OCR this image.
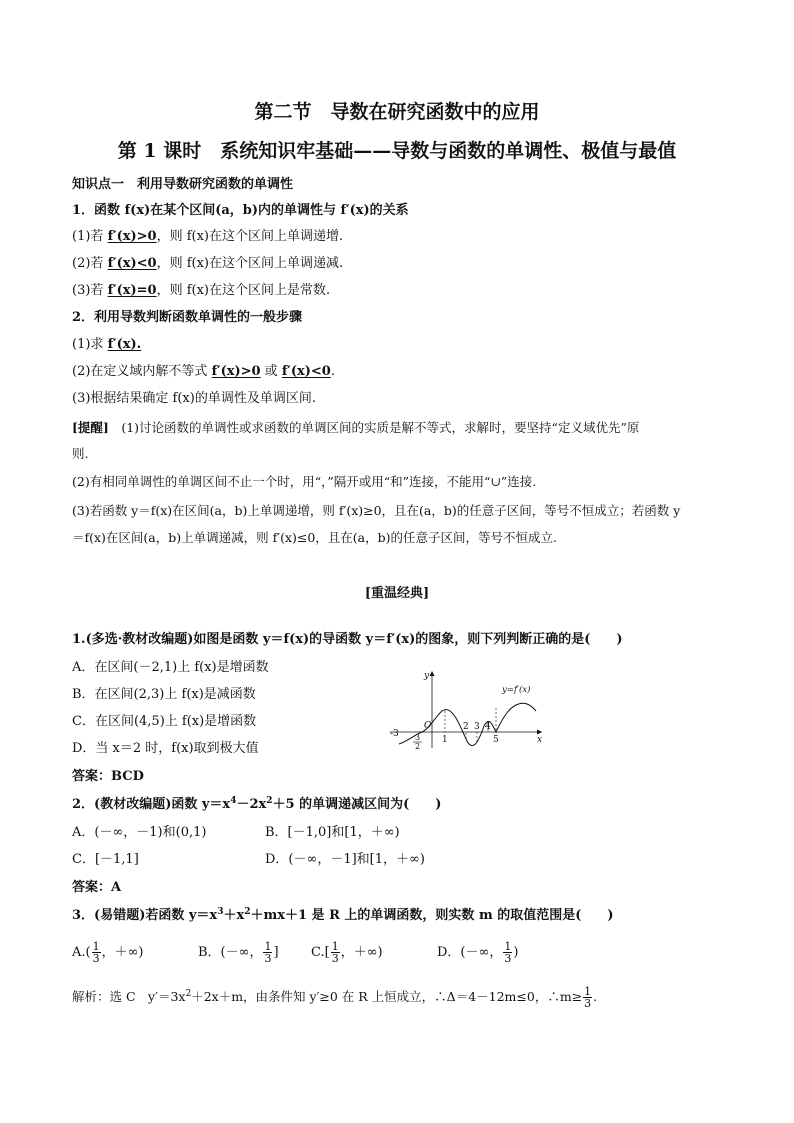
第二节　导数在研究函数中的应用
第 1 课时　系统知识牢基础——导数与函数的单调性、极值与最值
知识点一　利用导数研究函数的单调性
1．函数 f(x)在某个区间(a，b)内的单调性与 f′(x)的关系
(1)若 f′(x)>0，则 f(x)在这个区间上单调递增.
(2)若 f′(x)<0，则 f(x)在这个区间上单调递减.
(3)若 f′(x)=0，则 f(x)在这个区间上是常数.
2．利用导数判断函数单调性的一般步骤
(1)求 f′(x).
(2)在定义域内解不等式 f′(x)>0 或 f′(x)<0.
(3)根据结果确定 f(x)的单调性及单调区间.
[提醒]　(1)讨论函数的单调性或求函数的单调区间的实质是解不等式，求解时，要坚持“定义域优先”原
则.
(2)有相同单调性的单调区间不止一个时，用“，”隔开或用“和”连接，不能用“∪”连接.
(3)若函数 y＝f(x)在区间(a，b)上单调递增，则 f′(x)≥0，且在(a，b)的任意子区间，等号不恒成立；若函数 y
＝f(x)在区间(a，b)上单调递减，则 f′(x)≤0，且在(a，b)的任意子区间，等号不恒成立.
[重温经典]
1.(多选·教材改编题)如图是函数 y＝f(x)的导函数 y＝f′(x)的图象，则下列判断正确的是(　　)
A．在区间(－2,1)上 f(x)是增函数
B．在区间(2,3)上 f(x)是减函数
C．在区间(4,5)上 f(x)是增函数
D．当 x＝2 时，f(x)取到极大值
答案：BCD
y
x
O
-3 3
2
1
2 3 4
5
y=f′(x)
2．(教材改编题)函数 $y=x^4-2x^2+5$ 的单调递减区间为(　　)
A．(－∞，－1)和(0,1)	B．[－1,0]和[1，＋∞)
C．[－1,1]	D．(－∞，－1]和[1，＋∞)
答案：A
3．(易错题)若函数 $y=x^3+x^2+mx+1$ 是 R 上的单调函数，则实数 m 的取值范围是(　　)
$A.( \frac{1}{3}$ ，＋∞)	B．(－∞， $\frac{1}{3}$ ] $C.[ \frac{1}{3}$ ，＋∞)	D．(－∞， $\frac{1}{3}$ )
解析：选 C　$y'=3x^2+2x+m$，由条件知 y′≥0 在 R 上恒成立，∴Δ＝4－12m≤0，∴m≥ $\frac{1}{3}$ .
